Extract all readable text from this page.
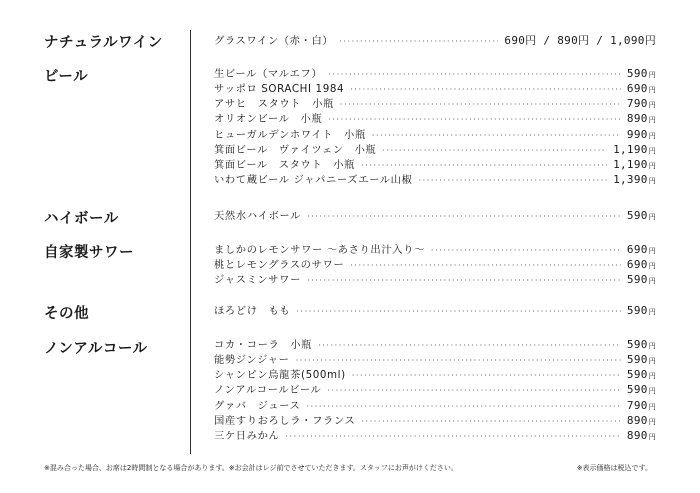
ナチュラルワイン
ビール
ハイボール
自家製サワー
その他
ノンアルコール
グラスワイン（赤・白） ·····	690円 / 890円 / 1,090円
生ビール（マルエフ） ·····	590円
サッポロ SORACHI 1984 ·····	690円
アサヒ　スタウト　小瓶 ·····	790円
オリオンビール　小瓶 ·····	890円
ヒューガルデンホワイト　小瓶 ·····	990円
箕面ビール　ヴァイツェン　小瓶 ·····	1,190円
箕面ビール　スタウト　小瓶 ·····	1,190円
いわて蔵ビール ジャパニーズエール山椒 ·····	1,390円
天然水ハイボール ·····	590円
ましかのレモンサワー 〜あさり出汁入り〜 ·····	690円
桃とレモングラスのサワー ·····	690円
ジャスミンサワー ·····	590円
ほろどけ　もも ·····	590円
コカ・コーラ　小瓶 ·····	590円
能勢ジンジャー ·····	590円
シャンピン烏龍茶(500ml) ·····	590円
ノンアルコールビール ·····	590円
グァバ　ジュース ·····	790円
国産すりおろしラ・フランス ·····	890円
三ケ日みかん ·····	890円
※混み合った場合、お席は2時間制となる場合があります。※お会計はレジ前でさせていただきます。スタッフにお声がけください。	※表示価格は税込です。
